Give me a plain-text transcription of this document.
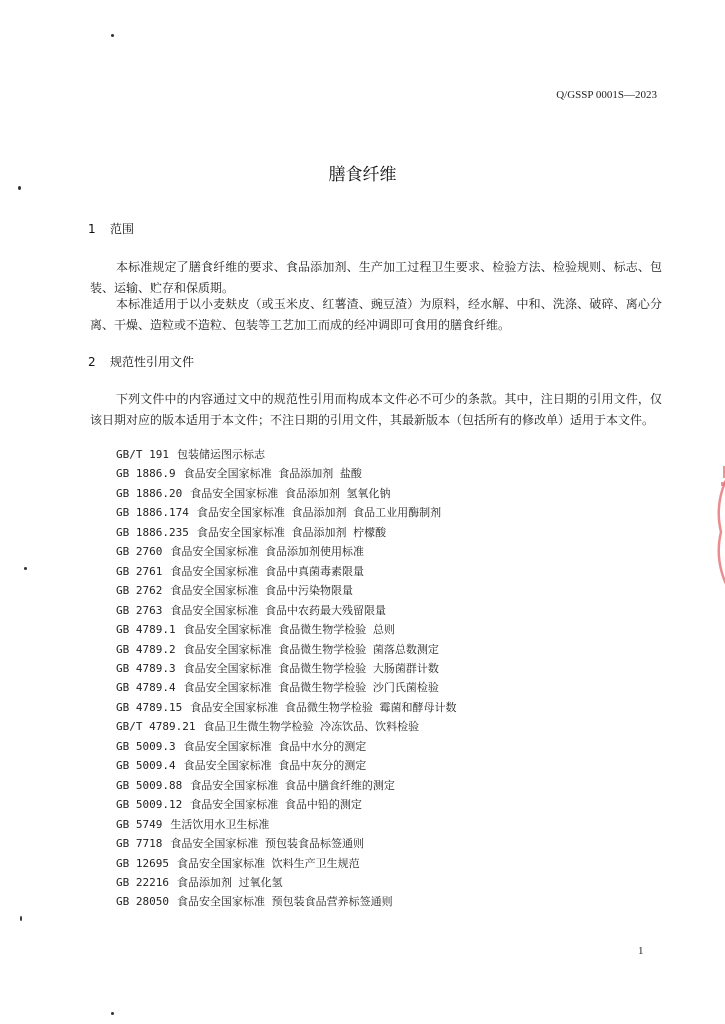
Q/GSSP 0001S—2023
膳食纤维
1 范围

本标准规定了膳食纤维的要求、食品添加剂、生产加工过程卫生要求、检验方法、检验规则、标志、包装、运输、贮存和保质期。

本标准适用于以小麦麸皮（或玉米皮、红薯渣、豌豆渣）为原料，经水解、中和、洗涤、破碎、离心分离、干燥、造粒或不造粒、包装等工艺加工而成的经冲调即可食用的膳食纤维。

2 规范性引用文件

下列文件中的内容通过文中的规范性引用而构成本文件必不可少的条款。其中，注日期的引用文件，仅该日期对应的版本适用于本文件；不注日期的引用文件，其最新版本（包括所有的修改单）适用于本文件。

GB/T 191 包装储运图示标志
GB 1886.9 食品安全国家标准 食品添加剂 盐酸
GB 1886.20 食品安全国家标准 食品添加剂 氢氧化钠
GB 1886.174 食品安全国家标准 食品添加剂 食品工业用酶制剂
GB 1886.235 食品安全国家标准 食品添加剂 柠檬酸
GB 2760 食品安全国家标准 食品添加剂使用标准
GB 2761 食品安全国家标准 食品中真菌毒素限量
GB 2762 食品安全国家标准 食品中污染物限量
GB 2763 食品安全国家标准 食品中农药最大残留限量
GB 4789.1 食品安全国家标准 食品微生物学检验 总则
GB 4789.2 食品安全国家标准 食品微生物学检验 菌落总数测定
GB 4789.3 食品安全国家标准 食品微生物学检验 大肠菌群计数
GB 4789.4 食品安全国家标准 食品微生物学检验 沙门氏菌检验
GB 4789.15 食品安全国家标准 食品微生物学检验 霉菌和酵母计数
GB/T 4789.21 食品卫生微生物学检验 冷冻饮品、饮料检验
GB 5009.3 食品安全国家标准 食品中水分的测定
GB 5009.4 食品安全国家标准 食品中灰分的测定
GB 5009.88 食品安全国家标准 食品中膳食纤维的测定
GB 5009.12 食品安全国家标准 食品中铅的测定
GB 5749 生活饮用水卫生标准
GB 7718 食品安全国家标准 预包装食品标签通则
GB 12695 食品安全国家标准 饮料生产卫生规范
GB 22216 食品添加剂 过氧化氢
GB 28050 食品安全国家标准 预包装食品营养标签通则
1
